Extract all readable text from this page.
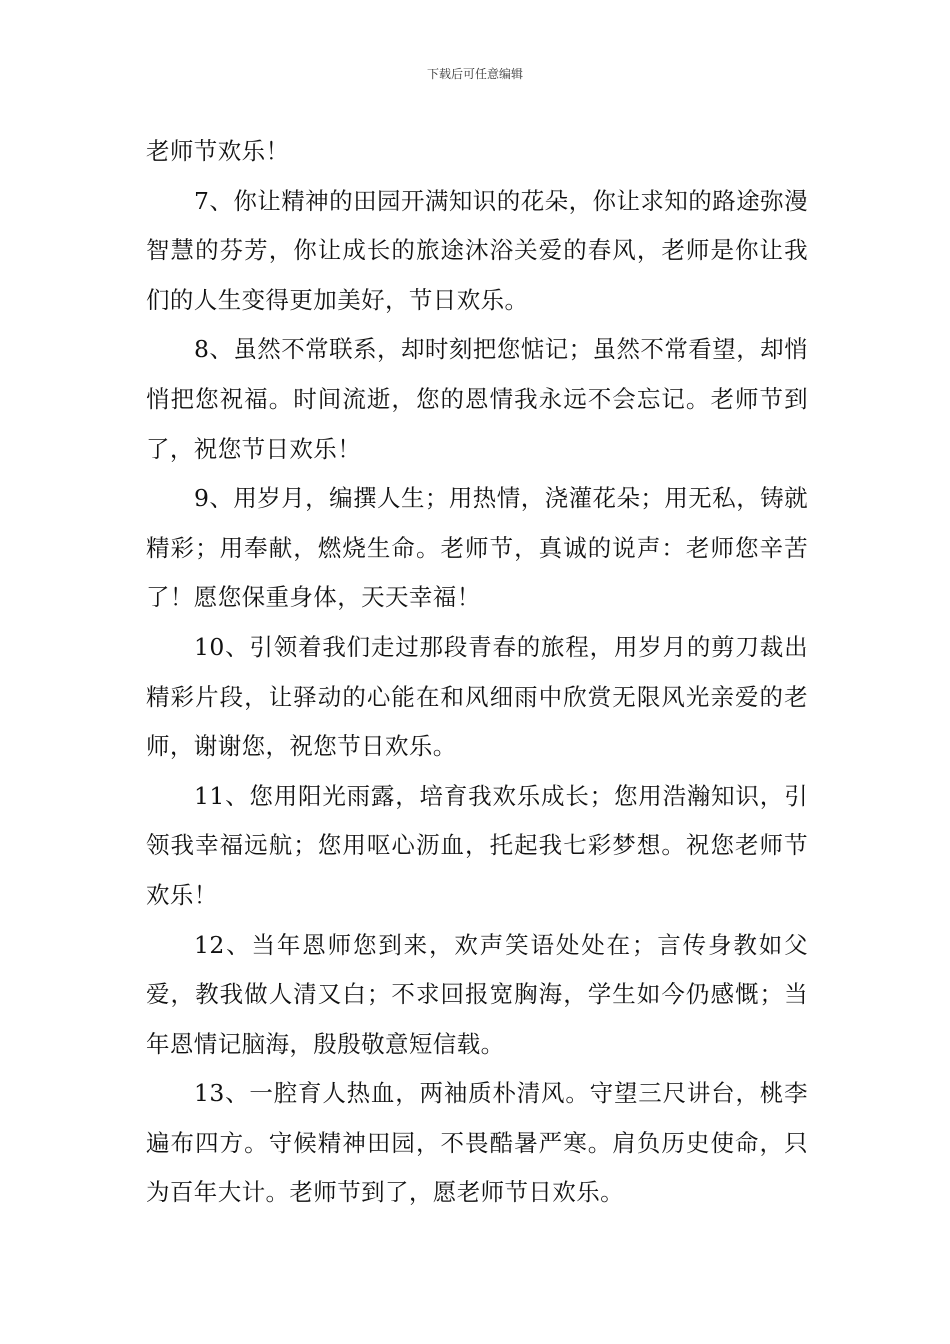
下载后可任意编辑

老师节欢乐！

7、你让精神的田园开满知识的花朵，你让求知的路途弥漫智慧的芬芳，你让成长的旅途沐浴关爱的春风，老师是你让我们的人生变得更加美好，节日欢乐。

8、虽然不常联系，却时刻把您惦记；虽然不常看望，却悄悄把您祝福。时间流逝，您的恩情我永远不会忘记。老师节到了，祝您节日欢乐！

9、用岁月，编撰人生；用热情，浇灌花朵；用无私，铸就精彩；用奉献，燃烧生命。老师节，真诚的说声：老师您辛苦了！愿您保重身体，天天幸福！

10、引领着我们走过那段青春的旅程，用岁月的剪刀裁出精彩片段，让驿动的心能在和风细雨中欣赏无限风光亲爱的老师，谢谢您，祝您节日欢乐。

11、您用阳光雨露，培育我欢乐成长；您用浩瀚知识，引领我幸福远航；您用呕心沥血，托起我七彩梦想。祝您老师节欢乐！

12、当年恩师您到来，欢声笑语处处在；言传身教如父爱，教我做人清又白；不求回报宽胸海，学生如今仍感慨；当年恩情记脑海，殷殷敬意短信载。

13、一腔育人热血，两袖质朴清风。守望三尺讲台，桃李遍布四方。守候精神田园，不畏酷暑严寒。肩负历史使命，只为百年大计。老师节到了，愿老师节日欢乐。
